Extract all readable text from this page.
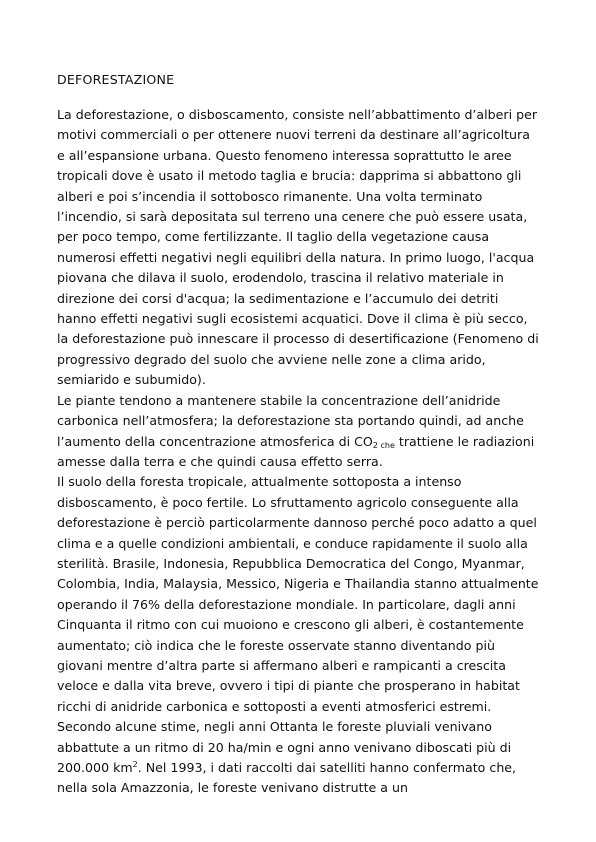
DEFORESTAZIONE

La deforestazione, o disboscamento, consiste nell’abbattimento d’alberi per motivi commerciali o per ottenere nuovi terreni da destinare all’agricoltura e all’espansione urbana. Questo fenomeno interessa soprattutto le aree tropicali dove è usato il metodo taglia e brucia: dapprima si abbattono gli alberi e poi s’incendia il sottobosco rimanente. Una volta terminato l’incendio, si sarà depositata sul terreno una cenere che può essere usata, per poco tempo, come fertilizzante. Il taglio della vegetazione causa numerosi effetti negativi negli equilibri della natura. In primo luogo, l'acqua piovana che dilava il suolo, erodendolo, trascina il relativo materiale in direzione dei corsi d'acqua; la sedimentazione e l’accumulo dei detriti hanno effetti negativi sugli ecosistemi acquatici. Dove il clima è più secco, la deforestazione può innescare il processo di desertificazione (Fenomeno di progressivo degrado del suolo che avviene nelle zone a clima arido, semiarido e subumido).

Le piante tendono a mantenere stabile la concentrazione dell’anidride carbonica nell’atmosfera; la deforestazione sta portando quindi, ad anche l’aumento della concentrazione atmosferica di $CO_{2 che}$ trattiene le radiazioni amesse dalla terra e che quindi causa effetto serra.

Il suolo della foresta tropicale, attualmente sottoposta a intenso disboscamento, è poco fertile. Lo sfruttamento agricolo conseguente alla deforestazione è perciò particolarmente dannoso perché poco adatto a quel clima e a quelle condizioni ambientali, e conduce rapidamente il suolo alla sterilità. Brasile, Indonesia, Repubblica Democratica del Congo, Myanmar, Colombia, India, Malaysia, Messico, Nigeria e Thailandia stanno attualmente operando il 76% della deforestazione mondiale. In particolare, dagli anni Cinquanta il ritmo con cui muoiono e crescono gli alberi, è costantemente aumentato; ciò indica che le foreste osservate stanno diventando più giovani mentre d’altra parte si affermano alberi e rampicanti a crescita veloce e dalla vita breve, ovvero i tipi di piante che prosperano in habitat ricchi di anidride carbonica e sottoposti a eventi atmosferici estremi. Secondo alcune stime, negli anni Ottanta le foreste pluviali venivano abbattute a un ritmo di 20 ha/min e ogni anno venivano diboscati più di 200.000 $km^2$. Nel 1993, i dati raccolti dai satelliti hanno confermato che, nella sola Amazzonia, le foreste venivano distrutte a un
